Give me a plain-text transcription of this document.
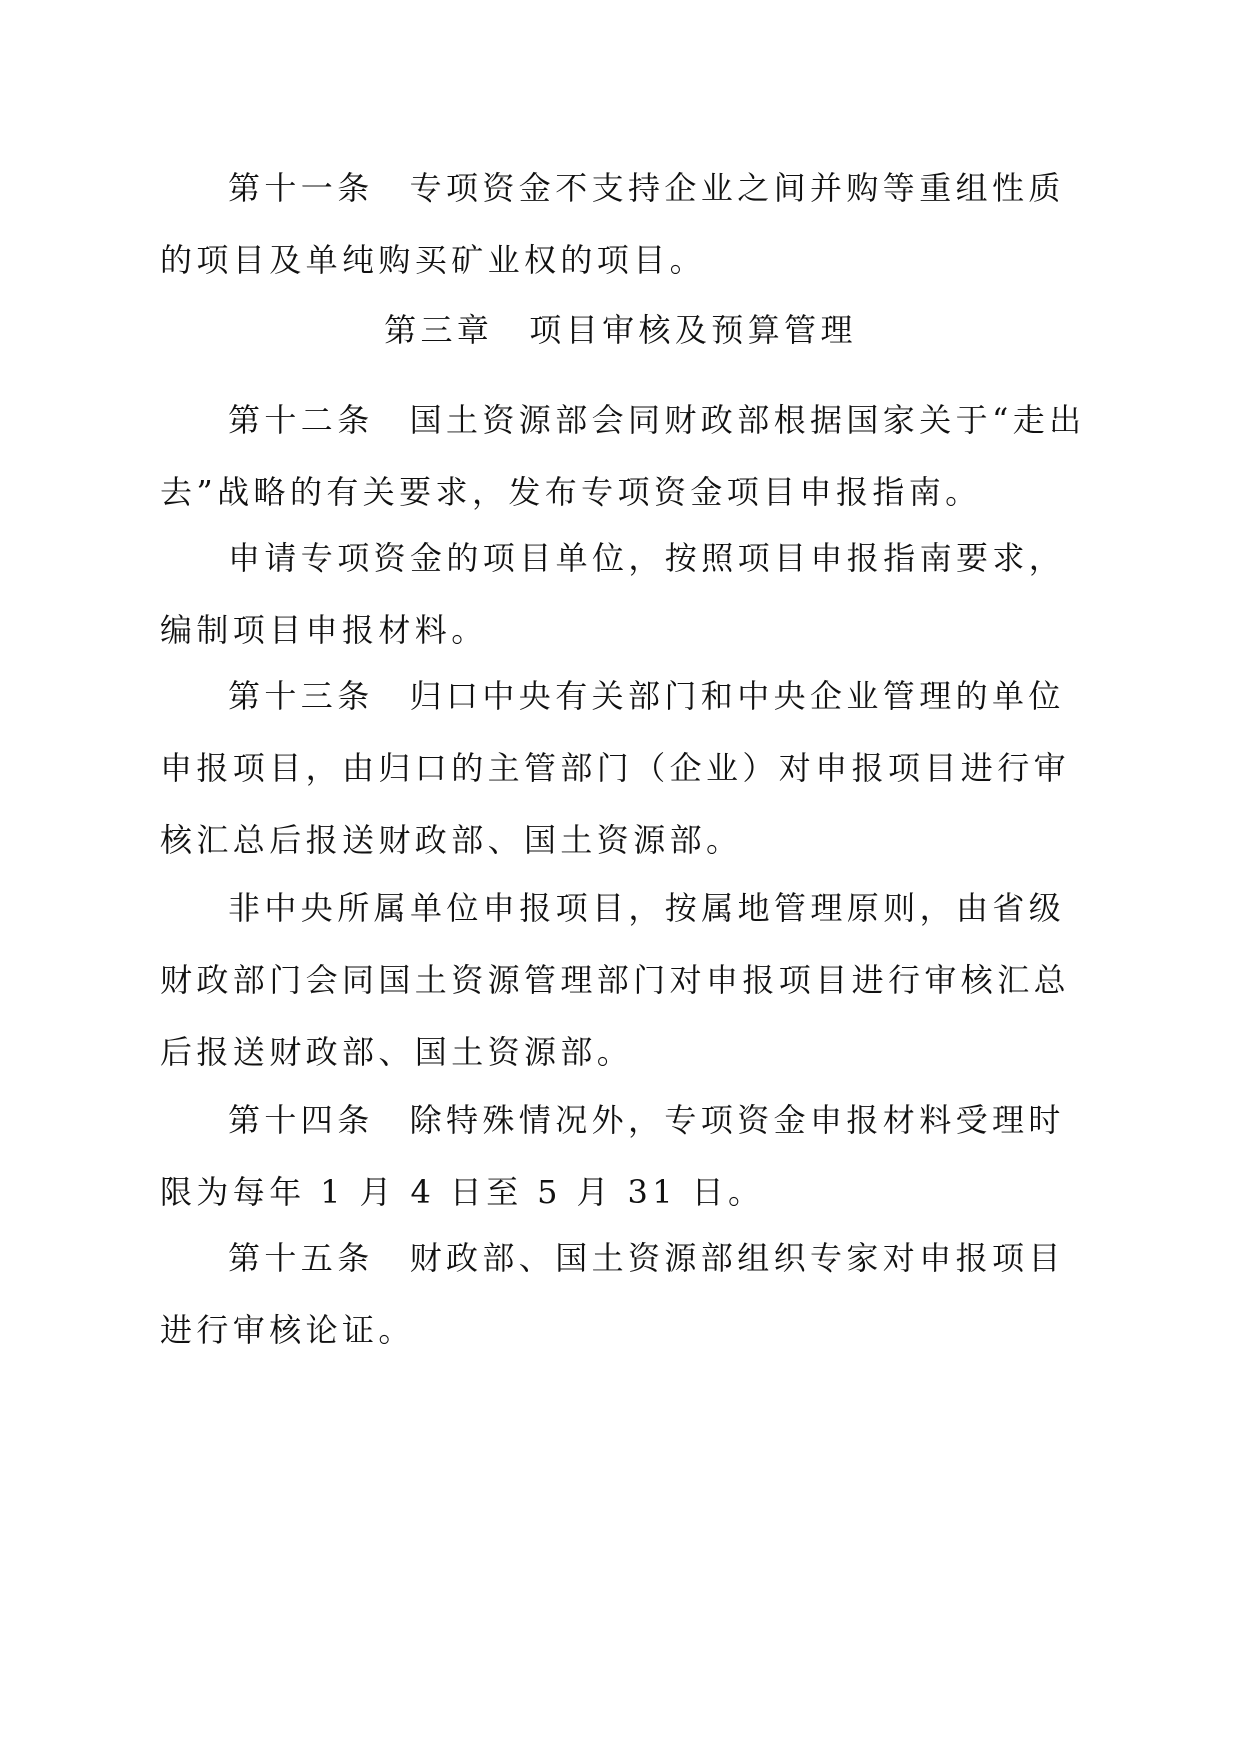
第十一条 专项资金不支持企业之间并购等重组性质的项目及单纯购买矿业权的项目。

第三章 项目审核及预算管理

第十二条 国土资源部会同财政部根据国家关于“走出去”战略的有关要求，发布专项资金项目申报指南。

申请专项资金的项目单位，按照项目申报指南要求，编制项目申报材料。

第十三条 归口中央有关部门和中央企业管理的单位申报项目，由归口的主管部门（企业）对申报项目进行审核汇总后报送财政部、国土资源部。

非中央所属单位申报项目，按属地管理原则，由省级财政部门会同国土资源管理部门对申报项目进行审核汇总后报送财政部、国土资源部。

第十四条 除特殊情况外，专项资金申报材料受理时限为每年 1 月 4 日至 5 月 31 日。

第十五条 财政部、国土资源部组织专家对申报项目进行审核论证。
